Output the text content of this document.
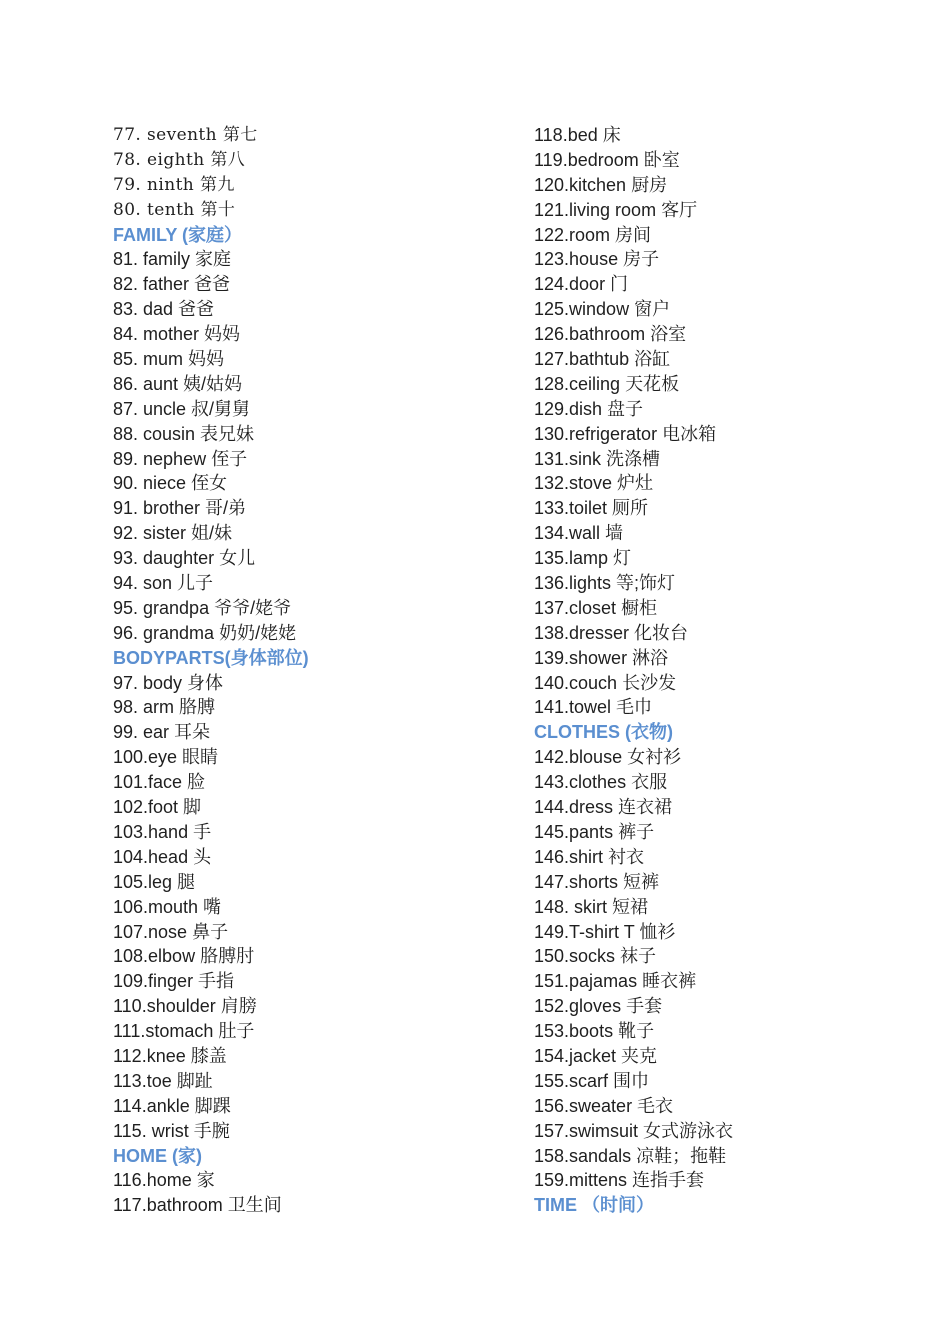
77. seventh 第七
78. eighth 第八
79. ninth 第九
80. tenth 第十
FAMILY (家庭）
81. family 家庭
82. father 爸爸
83. dad 爸爸
84. mother 妈妈
85. mum 妈妈
86. aunt 姨/姑妈
87. uncle 叔/舅舅
88. cousin 表兄妹
89. nephew 侄子
90. niece 侄女
91. brother 哥/弟
92. sister 姐/妹
93. daughter 女儿
94. son 儿子
95. grandpa 爷爷/姥爷
96. grandma 奶奶/姥姥
BODYPARTS(身体部位)
97. body 身体
98. arm 胳膊
99. ear 耳朵
100.eye 眼睛
101.face 脸
102.foot 脚
103.hand 手
104.head 头
105.leg 腿
106.mouth 嘴
107.nose 鼻子
108.elbow 胳膊肘
109.finger 手指
110.shoulder 肩膀
111.stomach 肚子
112.knee 膝盖
113.toe 脚趾
114.ankle 脚踝
115. wrist 手腕
HOME (家)
116.home 家
117.bathroom 卫生间
118.bed 床
119.bedroom 卧室
120.kitchen 厨房
121.living room 客厅
122.room 房间
123.house 房子
124.door 门
125.window 窗户
126.bathroom 浴室
127.bathtub 浴缸
128.ceiling 天花板
129.dish 盘子
130.refrigerator 电冰箱
131.sink 洗涤槽
132.stove 炉灶
133.toilet 厕所
134.wall 墙
135.lamp 灯
136.lights 等;饰灯
137.closet 橱柜
138.dresser 化妆台
139.shower 淋浴
140.couch 长沙发
141.towel 毛巾
CLOTHES (衣物)
142.blouse 女衬衫
143.clothes 衣服
144.dress 连衣裙
145.pants 裤子
146.shirt 衬衣
147.shorts 短裤
148. skirt 短裙
149.T-shirt T 恤衫
150.socks 袜子
151.pajamas 睡衣裤
152.gloves 手套
153.boots 靴子
154.jacket 夹克
155.scarf 围巾
156.sweater 毛衣
157.swimsuit 女式游泳衣
158.sandals 凉鞋；拖鞋
159.mittens 连指手套
TIME （时间）
